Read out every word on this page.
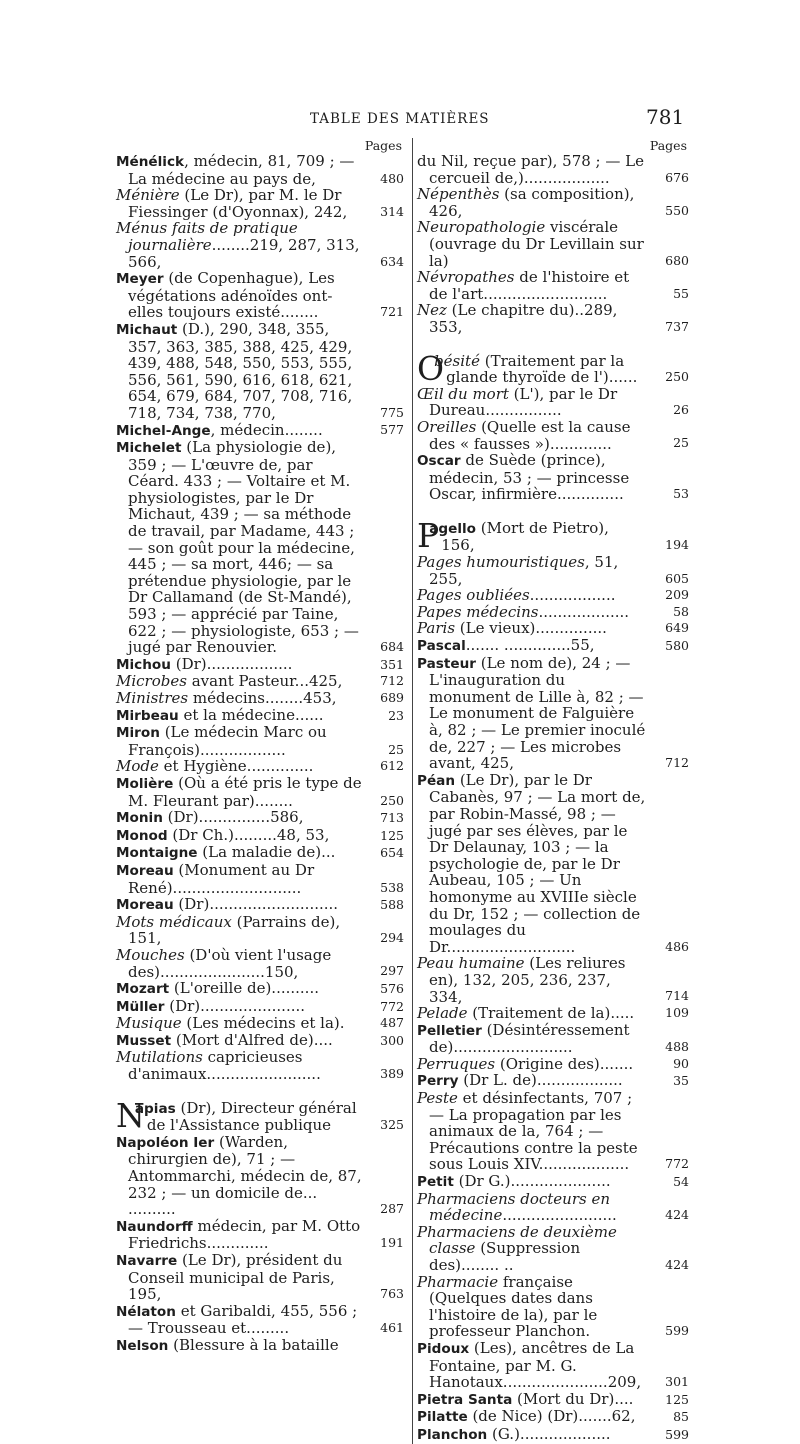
TABLE DES MATIÈRES	781
Pages
Ménélick, médecin, 81, 709 ; — La médecine au pays de,	480
Ménière (Le Dr), par M. le Dr Fiessinger (d'Oyonnax), 242,	314
Ménus faits de pratique journalière........219, 287, 313, 566,	634
Meyer (de Copenhague), Les végétations adénoïdes ont-elles toujours existé........	721
Michaut (D.), 290, 348, 355, 357, 363, 385, 388, 425, 429, 439, 488, 548, 550, 553, 555, 556, 561, 590, 616, 618, 621, 654, 679, 684, 707, 708, 716, 718, 734, 738, 770,	775
Michel-Ange, médecin........	577
Michelet (La physiologie de), 359 ; — L'œuvre de, par Céard. 433 ; — Voltaire et M. physiologistes, par le Dr Michaut, 439 ; — sa méthode de travail, par Madame, 443 ; — son goût pour la médecine, 445 ; — sa mort, 446; — sa prétendue physiologie, par le Dr Callamand (de St-Mandé), 593 ; — apprécié par Taine, 622 ; — physiologiste, 653 ; — jugé par Renouvier.	684
Michou (Dr)..................	351
Microbes avant Pasteur...425,	712
Ministres médecins........453,	689
Mirbeau et la médecine......	23
Miron (Le médecin Marc ou François)..................	25
Mode et Hygiène..............	612
Molière (Où a été pris le type de M. Fleurant par)........	250
Monin (Dr)...............586,	713
Monod (Dr Ch.).........48, 53,	125
Montaigne (La maladie de)...	654
Moreau (Monument au Dr René)...........................	538
Moreau (Dr)...........................	588
Mots médicaux (Parrains de), 151,	294
Mouches (D'où vient l'usage des)......................150,	297
Mozart (L'oreille de)..........	576
Müller (Dr)......................	772
Musique (Les médecins et la).	487
Musset (Mort d'Alfred de)....	300
Mutilations capricieuses d'animaux........................	389
N
apias (Dr), Directeur général de l'Assistance publique	325
Napoléon Ier (Warden, chirurgien de), 71 ; — Antommarchi, médecin de, 87, 232 ; — un domicile de... ..........	287
Naundorff médecin, par M. Otto Friedrichs.............	191
Navarre (Le Dr), président du Conseil municipal de Paris, 195,	763
Nélaton et Garibaldi, 455, 556 ; — Trousseau et.........	461
Nelson (Blessure à la bataille
Pages
du Nil, reçue par), 578 ; — Le cercueil de,)..................	676
Népenthès (sa composition), 426,	550
Neuropathologie viscérale (ouvrage du Dr Levillain sur la)	680
Névropathes de l'histoire et de l'art..........................	55
Nez (Le chapitre du)..289, 353,	737
O
bésité (Traitement par la glande thyroïde de l')......	250
Œil du mort (L'), par le Dr Dureau................	26
Oreilles (Quelle est la cause des « fausses »).............	25
Oscar de Suède (prince), médecin, 53 ; — princesse Oscar, infirmière..............	53
P
agello (Mort de Pietro), 156,	194
Pages humouristiques, 51, 255,	605
Pages oubliées..................	209
Papes médecins...................	58
Paris (Le vieux)...............	649
Pascal....... ..............55,	580
Pasteur (Le nom de), 24 ; — L'inauguration du monument de Lille à, 82 ; — Le monument de Falguière à, 82 ; — Le premier inoculé de, 227 ; — Les microbes avant, 425,	712
Péan (Le Dr), par le Dr Cabanès, 97 ; — La mort de, par Robin-Massé, 98 ; — jugé par ses élèves, par le Dr Delaunay, 103 ; — la psychologie de, par le Dr Aubeau, 105 ; — Un homonyme au XVIIIe siècle du Dr, 152 ; — collection de moulages du Dr...........................	486
Peau humaine (Les reliures en), 132, 205, 236, 237, 334,	714
Pelade (Traitement de la).....	109
Pelletier (Désintéressement de).........................	488
Perruques (Origine des).......	90
Perry (Dr L. de)..................	35
Peste et désinfectants, 707 ; — La propagation par les animaux de la, 764 ; — Précautions contre la peste sous Louis XIV...................	772
Petit (Dr G.).....................	54
Pharmaciens docteurs en médecine........................	424
Pharmaciens de deuxième classe (Suppression des)........ ..	424
Pharmacie française (Quelques dates dans l'histoire de la), par le professeur Planchon.	599
Pidoux (Les), ancêtres de La Fontaine, par M. G. Hanotaux......................209,	301
Pietra Santa (Mort du Dr)....	125
Pilatte (de Nice) (Dr).......62,	85
Planchon (G.)...................	599
